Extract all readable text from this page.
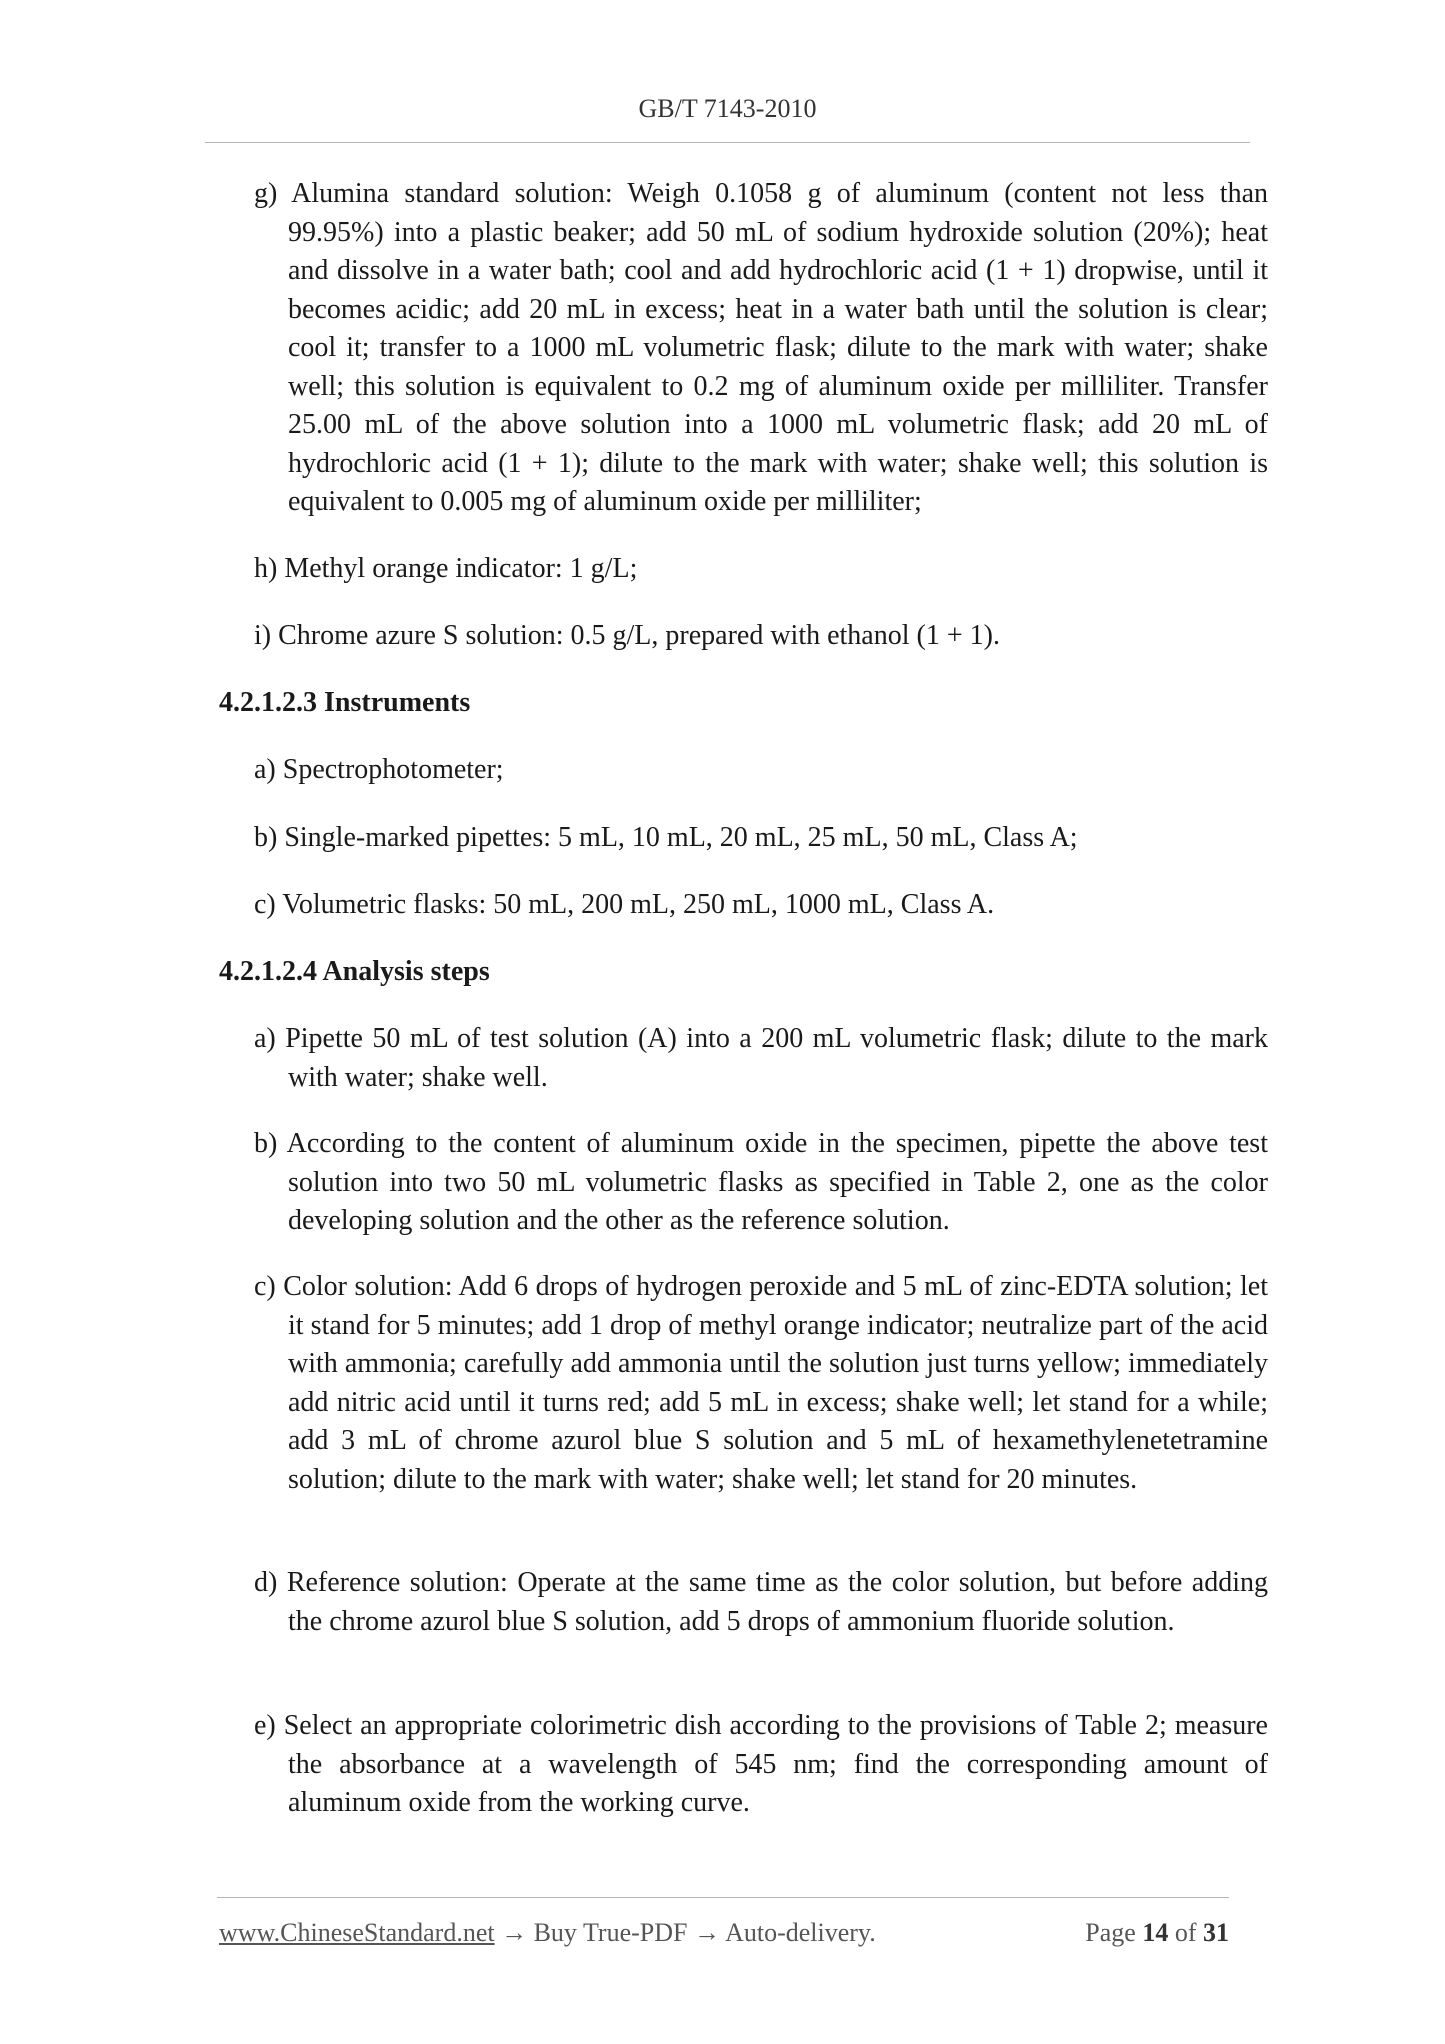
GB/T 7143-2010
g) Alumina standard solution: Weigh 0.1058 g of aluminum (content not less than 99.95%) into a plastic beaker; add 50 mL of sodium hydroxide solution (20%); heat and dissolve in a water bath; cool and add hydrochloric acid (1 + 1) dropwise, until it becomes acidic; add 20 mL in excess; heat in a water bath until the solution is clear; cool it; transfer to a 1000 mL volumetric flask; dilute to the mark with water; shake well; this solution is equivalent to 0.2 mg of aluminum oxide per milliliter. Transfer 25.00 mL of the above solution into a 1000 mL volumetric flask; add 20 mL of hydrochloric acid (1 + 1); dilute to the mark with water; shake well; this solution is equivalent to 0.005 mg of aluminum oxide per milliliter;
h) Methyl orange indicator: 1 g/L;
i) Chrome azure S solution: 0.5 g/L, prepared with ethanol (1 + 1).
4.2.1.2.3 Instruments
a) Spectrophotometer;
b) Single-marked pipettes: 5 mL, 10 mL, 20 mL, 25 mL, 50 mL, Class A;
c) Volumetric flasks: 50 mL, 200 mL, 250 mL, 1000 mL, Class A.
4.2.1.2.4 Analysis steps
a) Pipette 50 mL of test solution (A) into a 200 mL volumetric flask; dilute to the mark with water; shake well.
b) According to the content of aluminum oxide in the specimen, pipette the above test solution into two 50 mL volumetric flasks as specified in Table 2, one as the color developing solution and the other as the reference solution.
c) Color solution: Add 6 drops of hydrogen peroxide and 5 mL of zinc-EDTA solution; let it stand for 5 minutes; add 1 drop of methyl orange indicator; neutralize part of the acid with ammonia; carefully add ammonia until the solution just turns yellow; immediately add nitric acid until it turns red; add 5 mL in excess; shake well; let stand for a while; add 3 mL of chrome azurol blue S solution and 5 mL of hexamethylenetetramine solution; dilute to the mark with water; shake well; let stand for 20 minutes.
d) Reference solution: Operate at the same time as the color solution, but before adding the chrome azurol blue S solution, add 5 drops of ammonium fluoride solution.
e) Select an appropriate colorimetric dish according to the provisions of Table 2; measure the absorbance at a wavelength of 545 nm; find the corresponding amount of aluminum oxide from the working curve.
www.ChineseStandard.net → Buy True-PDF → Auto-delivery.	Page 14 of 31
